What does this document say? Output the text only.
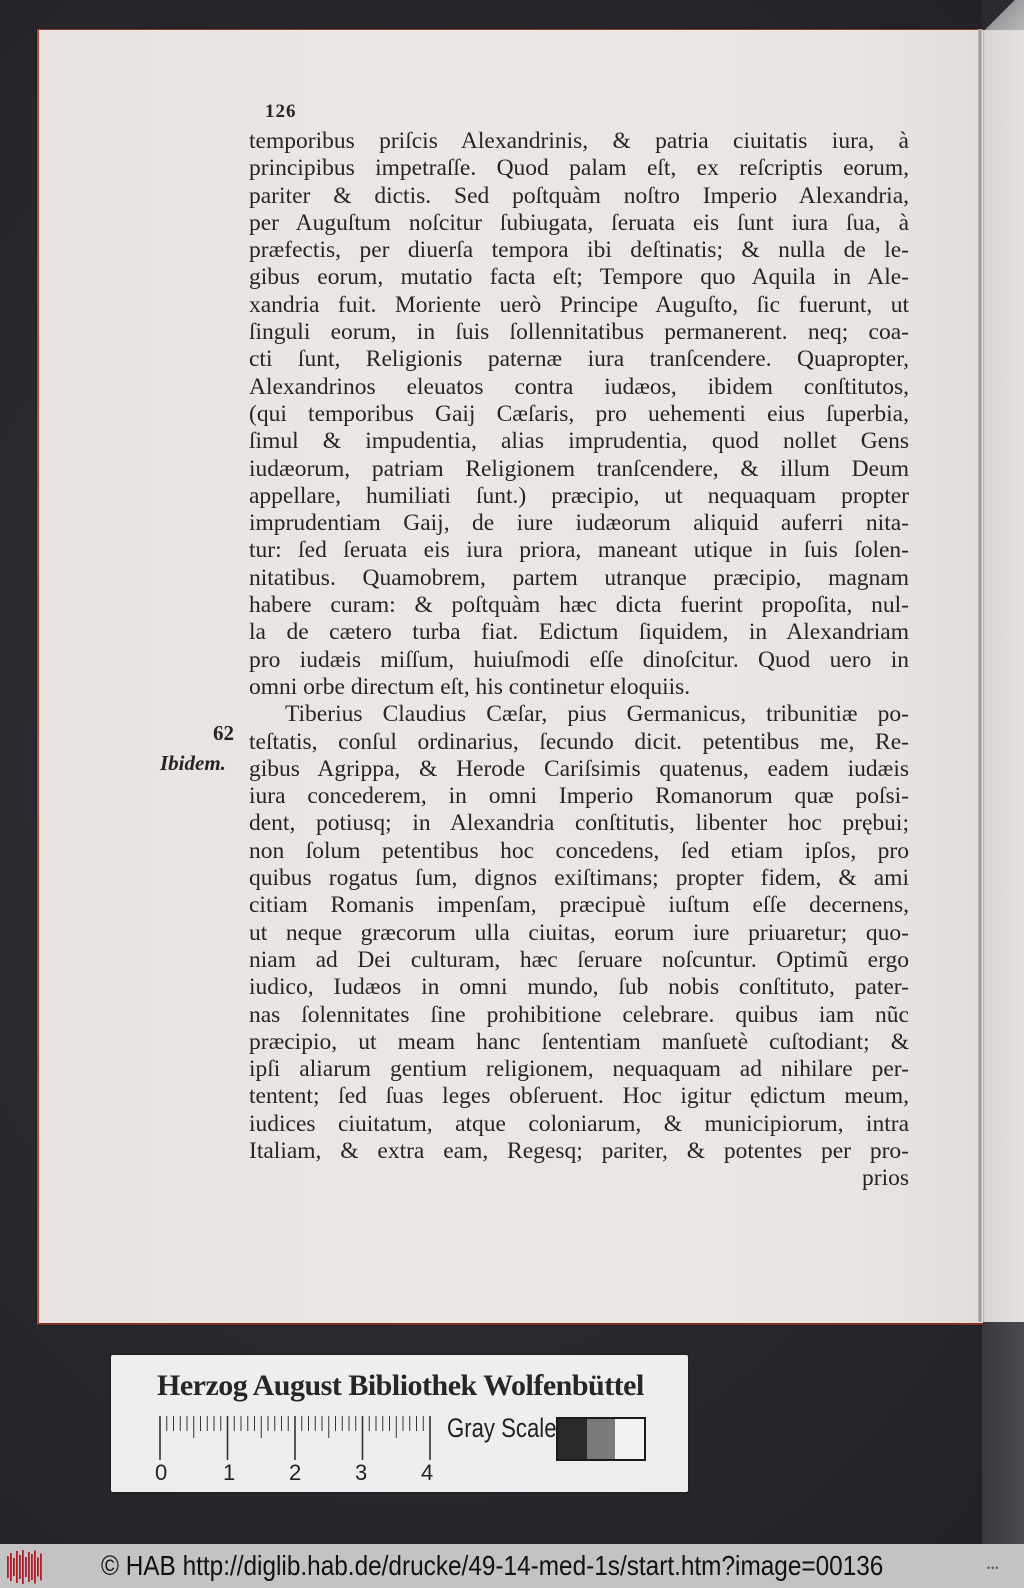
126
temporibus priſcis Alexandrinis, & patria ciuitatis iura, à
principibus impetraſſe. Quod palam eſt, ex reſcriptis eorum,
pariter & dictis. Sed poſtquàm noſtro Imperio Alexandria,
per Auguſtum noſcitur ſubiugata, ſeruata eis ſunt iura ſua, à
præfectis, per diuerſa tempora ibi deſtinatis; & nulla de le-
gibus eorum, mutatio facta eſt; Tempore quo Aquila in Ale-
xandria fuit. Moriente uerò Principe Auguſto, ſic fuerunt, ut
ſinguli eorum, in ſuis ſollennitatibus permanerent. neq; coa-
cti ſunt, Religionis paternæ iura tranſcendere. Quapropter,
Alexandrinos eleuatos contra iudæos, ibidem conſtitutos,
(qui temporibus Gaij Cæſaris, pro uehementi eius ſuperbia,
ſimul & impudentia, alias imprudentia, quod nollet Gens
iudæorum, patriam Religionem tranſcendere, & illum Deum
appellare, humiliati ſunt.) præcipio, ut nequaquam propter
imprudentiam Gaij, de iure iudæorum aliquid auferri nita-
tur: ſed ſeruata eis iura priora, maneant utique in ſuis ſolen-
nitatibus. Quamobrem, partem utranque præcipio, magnam
habere curam: & poſtquàm hæc dicta fuerint propoſita, nul-
la de cætero turba fiat. Edictum ſiquidem, in Alexandriam
pro iudæis miſſum, huiuſmodi eſſe dinoſcitur. Quod uero in
omni orbe directum eſt, his continetur eloquiis.
Tiberius Claudius Cæſar, pius Germanicus, tribunitiæ po-
teſtatis, conſul ordinarius, ſecundo dicit. petentibus me, Re-
gibus Agrippa, & Herode Cariſsimis quatenus, eadem iudæis
iura concederem, in omni Imperio Romanorum quæ poſsi-
dent, potiusq; in Alexandria conſtitutis, libenter hoc prębui;
non ſolum petentibus hoc concedens, ſed etiam ipſos, pro
quibus rogatus ſum, dignos exiſtimans; propter fidem, & ami
citiam Romanis impenſam, præcipuè iuſtum eſſe decernens,
ut neque græcorum ulla ciuitas, eorum iure priuaretur; quo-
niam ad Dei culturam, hæc ſeruare noſcuntur. Optimũ ergo
iudico, Iudæos in omni mundo, ſub nobis conſtituto, pater-
nas ſolennitates ſine prohibitione celebrare. quibus iam nũc
præcipio, ut meam hanc ſententiam manſuetè cuſtodiant; &
ipſi aliarum gentium religionem, nequaquam ad nihilare per-
tentent; ſed ſuas leges obſeruent. Hoc igitur ędictum meum,
iudices ciuitatum, atque coloniarum, & municipiorum, intra
Italiam, & extra eam, Regesq; pariter, & potentes per pro-
prios
62
Ibidem.
Herzog August Bibliothek Wolfenbüttel
0	1 2 3 4
Gray Scale
© HAB http://diglib.hab.de/drucke/49-14-med-1s/start.htm?image=00136	•••
